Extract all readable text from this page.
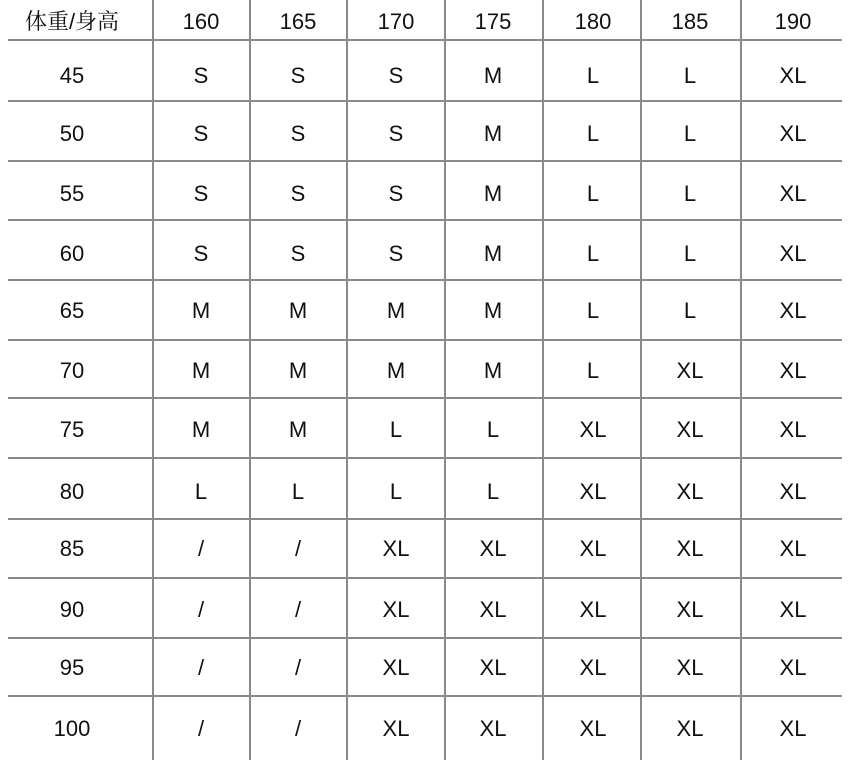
体重/身高	160	165	170	175	180	185	190
45	S	S	S	M	L	L	XL
50	S	S	S	M	L	L	XL
55	S	S	S	M	L	L	XL
60	S	S	S	M	L	L	XL
65	M	M	M	M	L	L	XL
70	M	M	M	M	L	XL	XL
75	M	M	L	L	XL	XL	XL
80	L	L	L	L	XL	XL	XL
85	/	/	XL	XL	XL	XL	XL
90	/	/	XL	XL	XL	XL	XL
95	/	/	XL	XL	XL	XL	XL
100	/	/	XL	XL	XL	XL	XL
